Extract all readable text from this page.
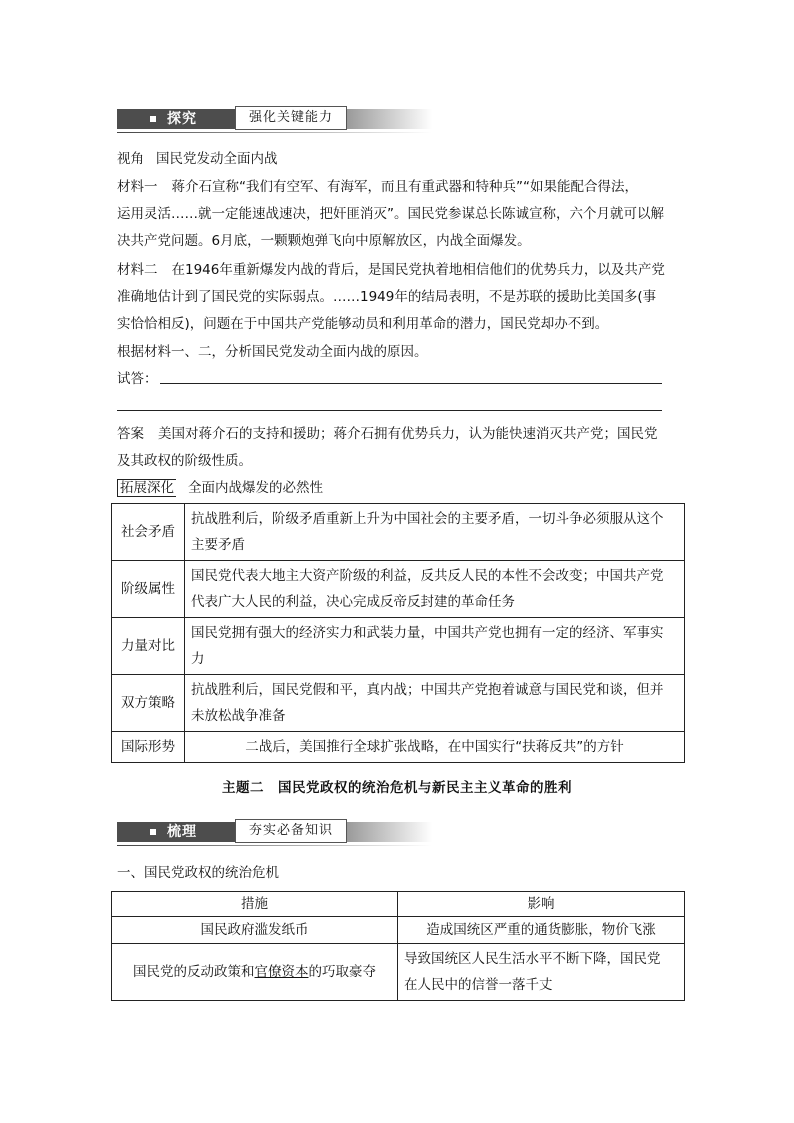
探究	强化关键能力
视角 国民党发动全面内战
材料一 蒋介石宣称“我们有空军、有海军，而且有重武器和特种兵”“如果能配合得法，
运用灵活……就一定能速战速决，把奸匪消灭”。国民党参谋总长陈诚宣称，六个月就可以解
决共产党问题。6月底，一颗颗炮弹飞向中原解放区，内战全面爆发。
材料二 在1946年重新爆发内战的背后，是国民党执着地相信他们的优势兵力，以及共产党
准确地估计到了国民党的实际弱点。……1949年的结局表明，不是苏联的援助比美国多(事
实恰恰相反)，问题在于中国共产党能够动员和利用革命的潜力，国民党却办不到。
根据材料一、二，分析国民党发动全面内战的原因。
试答：
答案 美国对蒋介石的支持和援助；蒋介石拥有优势兵力，认为能快速消灭共产党；国民党
及其政权的阶级性质。
拓展深化 全面内战爆发的必然性
社会矛盾	抗战胜利后，阶级矛盾重新上升为中国社会的主要矛盾，一切斗争必须服从这个
主要矛盾
阶级属性	国民党代表大地主大资产阶级的利益，反共反人民的本性不会改变；中国共产党
代表广大人民的利益，决心完成反帝反封建的革命任务
力量对比	国民党拥有强大的经济实力和武装力量，中国共产党也拥有一定的经济、军事实
力
双方策略	抗战胜利后，国民党假和平，真内战；中国共产党抱着诚意与国民党和谈，但并
未放松战争准备
国际形势	二战后，美国推行全球扩张战略，在中国实行“扶蒋反共”的方针
主题二　国民党政权的统治危机与新民主主义革命的胜利
梳理	夯实必备知识
一、国民党政权的统治危机
措施	影响
国民政府滥发纸币	造成国统区严重的通货膨胀，物价飞涨
国民党的反动政策和官僚资本的巧取豪夺	导致国统区人民生活水平不断下降，国民党
在人民中的信誉一落千丈
